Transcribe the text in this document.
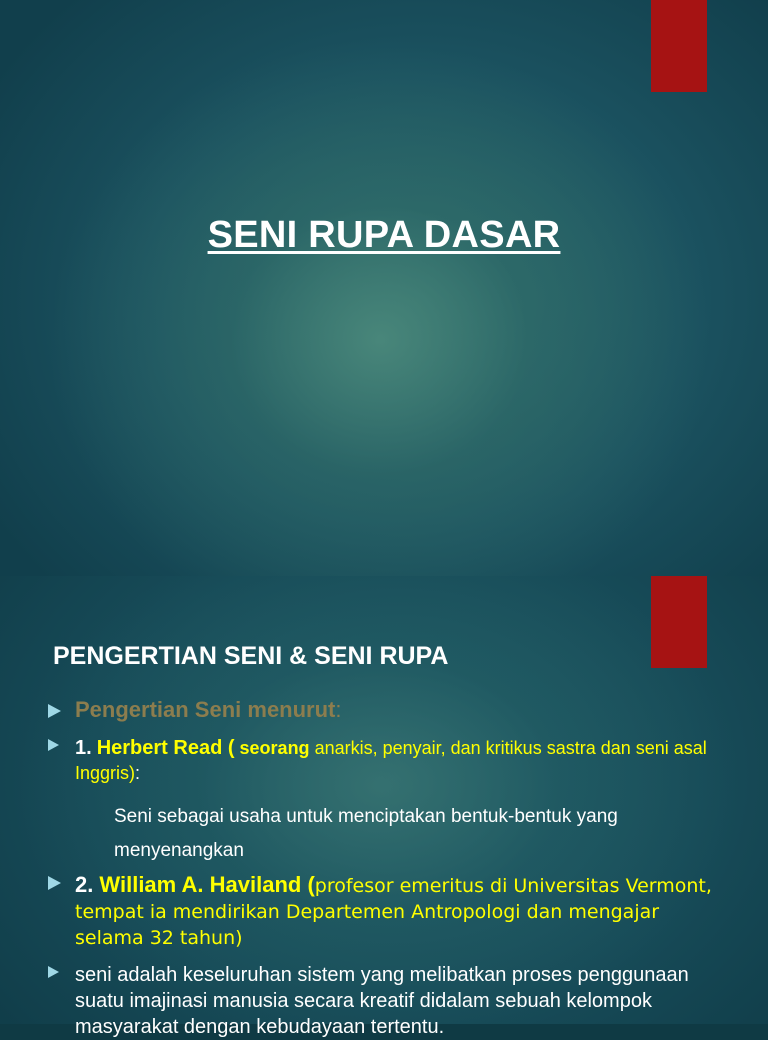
SENI RUPA DASAR
PENGERTIAN SENI & SENI RUPA
Pengertian Seni menurut:
1. Herbert Read ( seorang anarkis, penyair, dan kritikus sastra dan seni asal Inggris):
Seni sebagai usaha untuk menciptakan bentuk-bentuk yang menyenangkan
2. William A. Haviland (profesor emeritus di Universitas Vermont, tempat ia mendirikan Departemen Antropologi dan mengajar selama 32 tahun)
seni adalah keseluruhan sistem yang melibatkan proses penggunaan suatu imajinasi manusia secara kreatif didalam sebuah kelompok masyarakat dengan kebudayaan tertentu.
